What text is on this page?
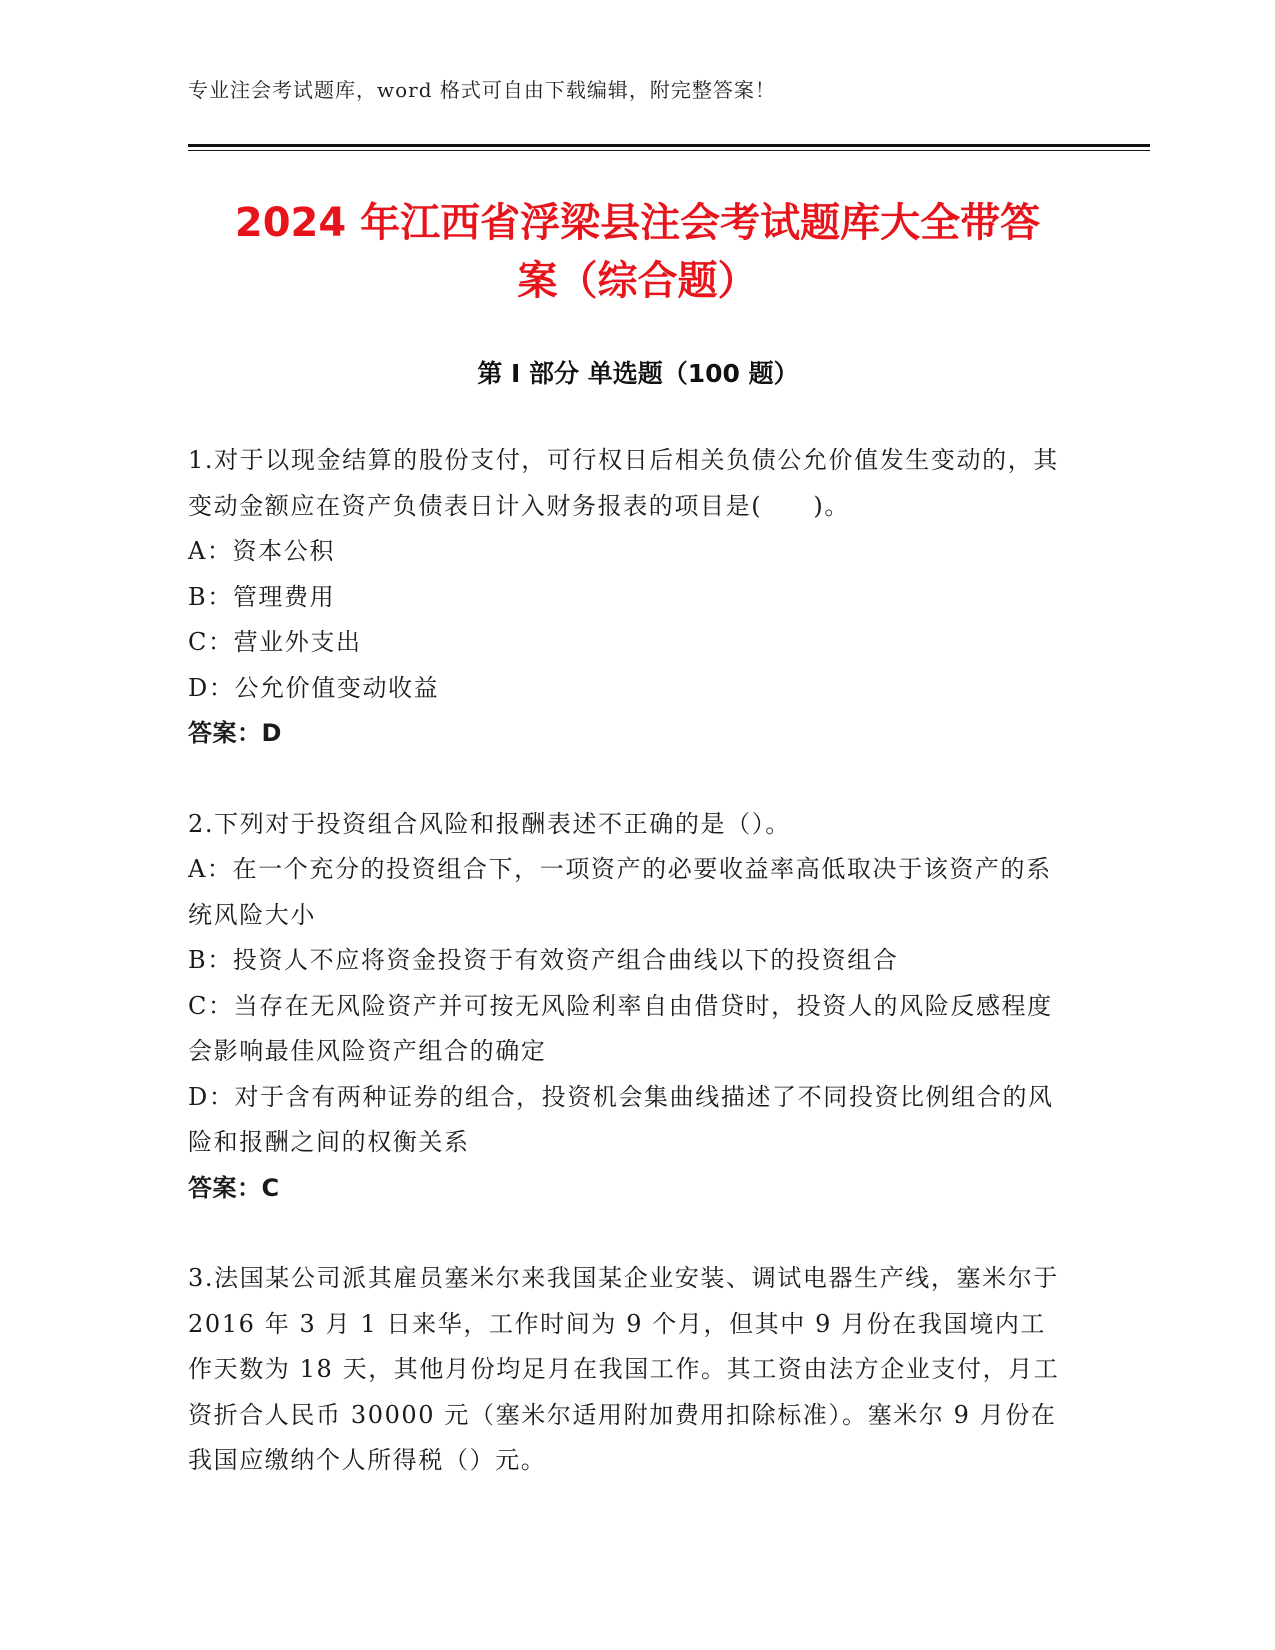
专业注会考试题库，word 格式可自由下载编辑，附完整答案！
2024 年江西省浮梁县注会考试题库大全带答
案（综合题）
第 I 部分 单选题（100 题）

1.对于以现金结算的股份支付，可行权日后相关负债公允价值发生变动的，其变动金额应在资产负债表日计入财务报表的项目是(　　)。

A：资本公积

B：管理费用

C：营业外支出

D：公允价值变动收益

答案：D

2.下列对于投资组合风险和报酬表述不正确的是（）。

A：在一个充分的投资组合下，一项资产的必要收益率高低取决于该资产的系统风险大小

B：投资人不应将资金投资于有效资产组合曲线以下的投资组合

C：当存在无风险资产并可按无风险利率自由借贷时，投资人的风险反感程度会影响最佳风险资产组合的确定

D：对于含有两种证券的组合，投资机会集曲线描述了不同投资比例组合的风险和报酬之间的权衡关系

答案：C

3.法国某公司派其雇员塞米尔来我国某企业安装、调试电器生产线，塞米尔于 2016 年 3 月 1 日来华，工作时间为 9 个月，但其中 9 月份在我国境内工作天数为 18 天，其他月份均足月在我国工作。其工资由法方企业支付，月工资折合人民币 30000 元（塞米尔适用附加费用扣除标准）。塞米尔 9 月份在我国应缴纳个人所得税（）元。
